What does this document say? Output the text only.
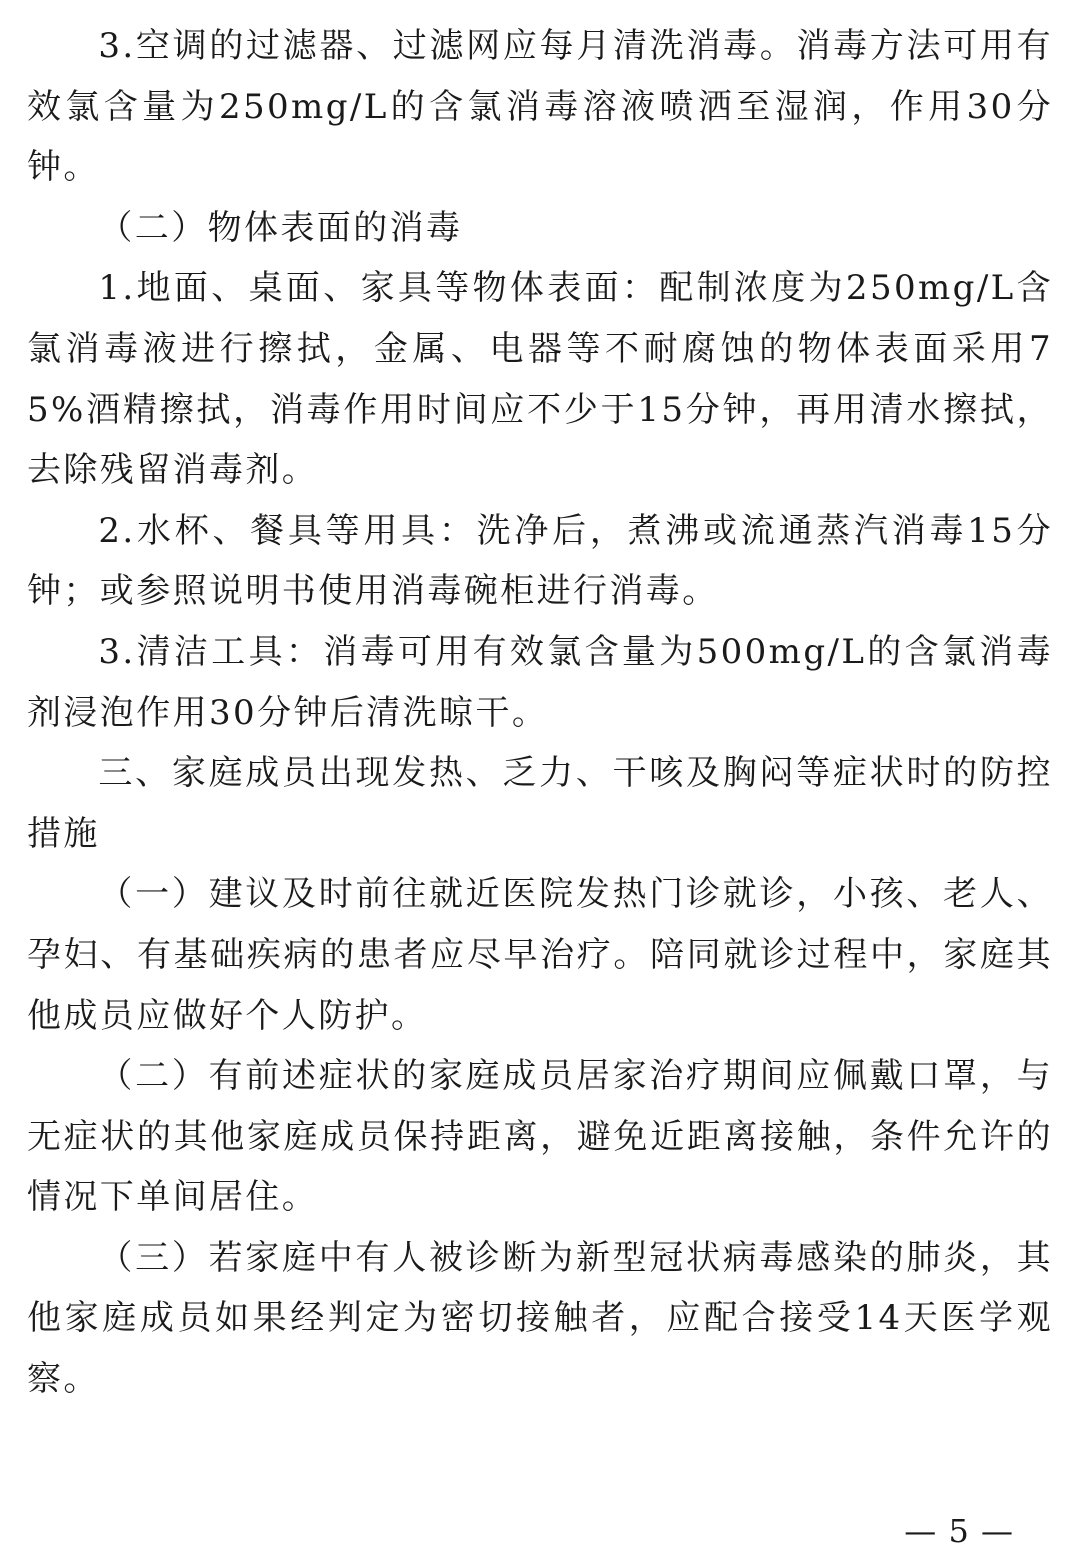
3.空调的过滤器、过滤网应每月清洗消毒。消毒方法可用有效氯含量为250mg/L的含氯消毒溶液喷洒至湿润，作用30分钟。

（二）物体表面的消毒

1.地面、桌面、家具等物体表面：配制浓度为250mg/L含氯消毒液进行擦拭，金属、电器等不耐腐蚀的物体表面采用75%酒精擦拭，消毒作用时间应不少于15分钟，再用清水擦拭，去除残留消毒剂。

2.水杯、餐具等用具：洗净后，煮沸或流通蒸汽消毒15分钟；或参照说明书使用消毒碗柜进行消毒。

3.清洁工具：消毒可用有效氯含量为500mg/L的含氯消毒剂浸泡作用30分钟后清洗晾干。

三、家庭成员出现发热、乏力、干咳及胸闷等症状时的防控措施

（一）建议及时前往就近医院发热门诊就诊，小孩、老人、孕妇、有基础疾病的患者应尽早治疗。陪同就诊过程中，家庭其他成员应做好个人防护。

（二）有前述症状的家庭成员居家治疗期间应佩戴口罩，与无症状的其他家庭成员保持距离，避免近距离接触，条件允许的情况下单间居住。

（三）若家庭中有人被诊断为新型冠状病毒感染的肺炎，其他家庭成员如果经判定为密切接触者，应配合接受14天医学观察。

— 5 —
